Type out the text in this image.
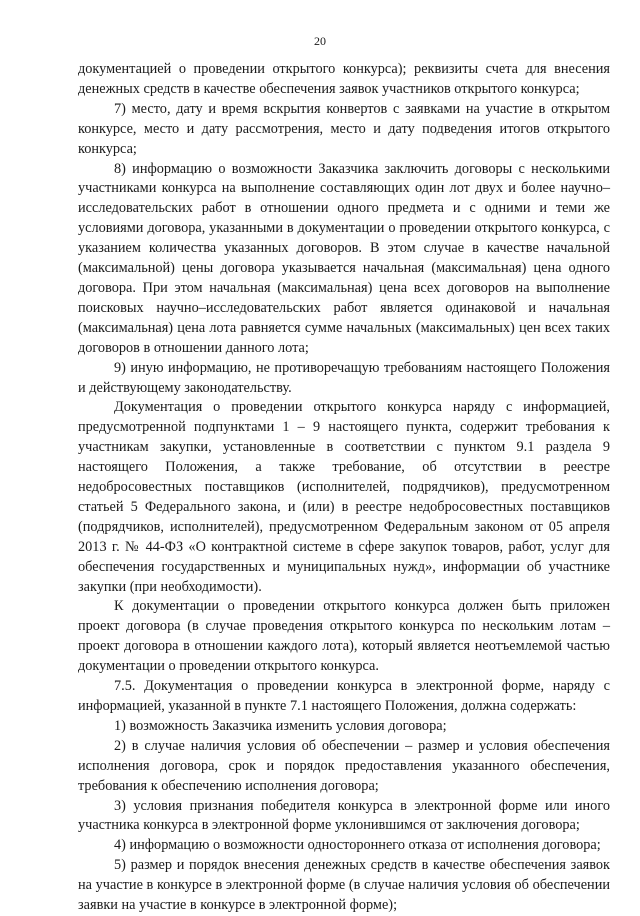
20

документацией о проведении открытого конкурса); реквизиты счета для внесения денежных средств в качестве обеспечения заявок участников открытого конкурса;

7) место, дату и время вскрытия конвертов с заявками на участие в открытом конкурсе, место и дату рассмотрения, место и дату подведения итогов открытого конкурса;

8) информацию о возможности Заказчика заключить договоры с несколькими участниками конкурса на выполнение составляющих один лот двух и более научно–исследовательских работ в отношении одного предмета и с одними и теми же условиями договора, указанными в документации о проведении открытого конкурса, с указанием количества указанных договоров. В этом случае в качестве начальной (максимальной) цены договора указывается начальная (максимальная) цена одного договора. При этом начальная (максимальная) цена всех договоров на выполнение поисковых научно–исследовательских работ является одинаковой и начальная (максимальная) цена лота равняется сумме начальных (максимальных) цен всех таких договоров в отношении данного лота;

9) иную информацию, не противоречащую требованиям настоящего Положения и действующему законодательству.

Документация о проведении открытого конкурса наряду с информацией, предусмотренной подпунктами 1 – 9 настоящего пункта, содержит требования к участникам закупки, установленные в соответствии с пунктом 9.1 раздела 9 настоящего Положения, а также требование, об отсутствии в реестре недобросовестных поставщиков (исполнителей, подрядчиков), предусмотренном статьей 5 Федерального закона, и (или) в реестре недобросовестных поставщиков (подрядчиков, исполнителей), предусмотренном Федеральным законом от 05 апреля 2013 г. № 44-ФЗ «О контрактной системе в сфере закупок товаров, работ, услуг для обеспечения государственных и муниципальных нужд», информации об участнике закупки (при необходимости).

К документации о проведении открытого конкурса должен быть приложен проект договора (в случае проведения открытого конкурса по нескольким лотам – проект договора в отношении каждого лота), который является неотъемлемой частью документации о проведении открытого конкурса.

7.5. Документация о проведении конкурса в электронной форме, наряду с информацией, указанной в пункте 7.1 настоящего Положения, должна содержать:

1) возможность Заказчика изменить условия договора;

2) в случае наличия условия об обеспечении – размер и условия обеспечения исполнения договора, срок и порядок предоставления указанного обеспечения, требования к обеспечению исполнения договора;

3) условия признания победителя конкурса в электронной форме или иного участника конкурса в электронной форме уклонившимся от заключения договора;

4) информацию о возможности одностороннего отказа от исполнения договора;

5) размер и порядок внесения денежных средств в качестве обеспечения заявок на участие в конкурсе в электронной форме (в случае наличия условия об обеспечении заявки на участие в конкурсе в электронной форме);
